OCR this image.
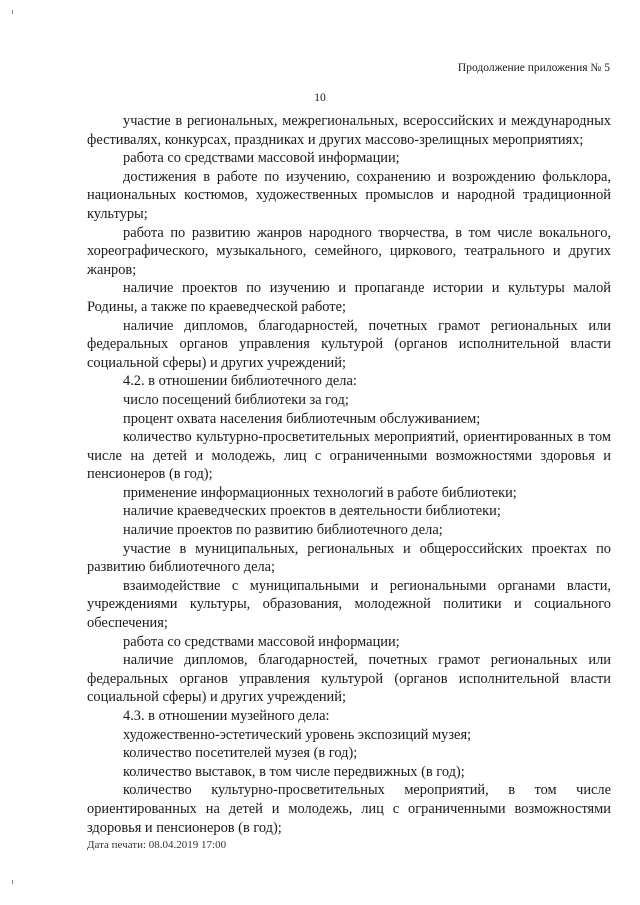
Продолжение приложения № 5
10

участие в региональных, межрегиональных, всероссийских и международных фестивалях, конкурсах, праздниках и других массово-зрелищных мероприятиях;

работа со средствами массовой информации;

достижения в работе по изучению, сохранению и возрождению фольклора, национальных костюмов, художественных промыслов и народной традиционной культуры;

работа по развитию жанров народного творчества, в том числе вокального, хореографического, музыкального, семейного, циркового, театрального и других жанров;

наличие проектов по изучению и пропаганде истории и культуры малой Родины, а также по краеведческой работе;

наличие дипломов, благодарностей, почетных грамот региональных или федеральных органов управления культурой (органов исполнительной власти социальной сферы) и других учреждений;

4.2. в отношении библиотечного дела:

число посещений библиотеки за год;

процент охвата населения библиотечным обслуживанием;

количество культурно-просветительных мероприятий, ориентированных в том числе на детей и молодежь, лиц с ограниченными возможностями здоровья и пенсионеров (в год);

применение информационных технологий в работе библиотеки;

наличие краеведческих проектов в деятельности библиотеки;

наличие проектов по развитию библиотечного дела;

участие в муниципальных, региональных и общероссийских проектах по развитию библиотечного дела;

взаимодействие с муниципальными и региональными органами власти, учреждениями культуры, образования, молодежной политики и социального обеспечения;

работа со средствами массовой информации;

наличие дипломов, благодарностей, почетных грамот региональных или федеральных органов управления культурой (органов исполнительной власти социальной сферы) и других учреждений;

4.3. в отношении музейного дела:

художественно-эстетический уровень экспозиций музея;

количество посетителей музея (в год);

количество выставок, в том числе передвижных (в год);

количество культурно-просветительных мероприятий, в том числе ориентированных на детей и молодежь, лиц с ограниченными возможностями здоровья и пенсионеров (в год);

Дата печати: 08.04.2019 17:00
